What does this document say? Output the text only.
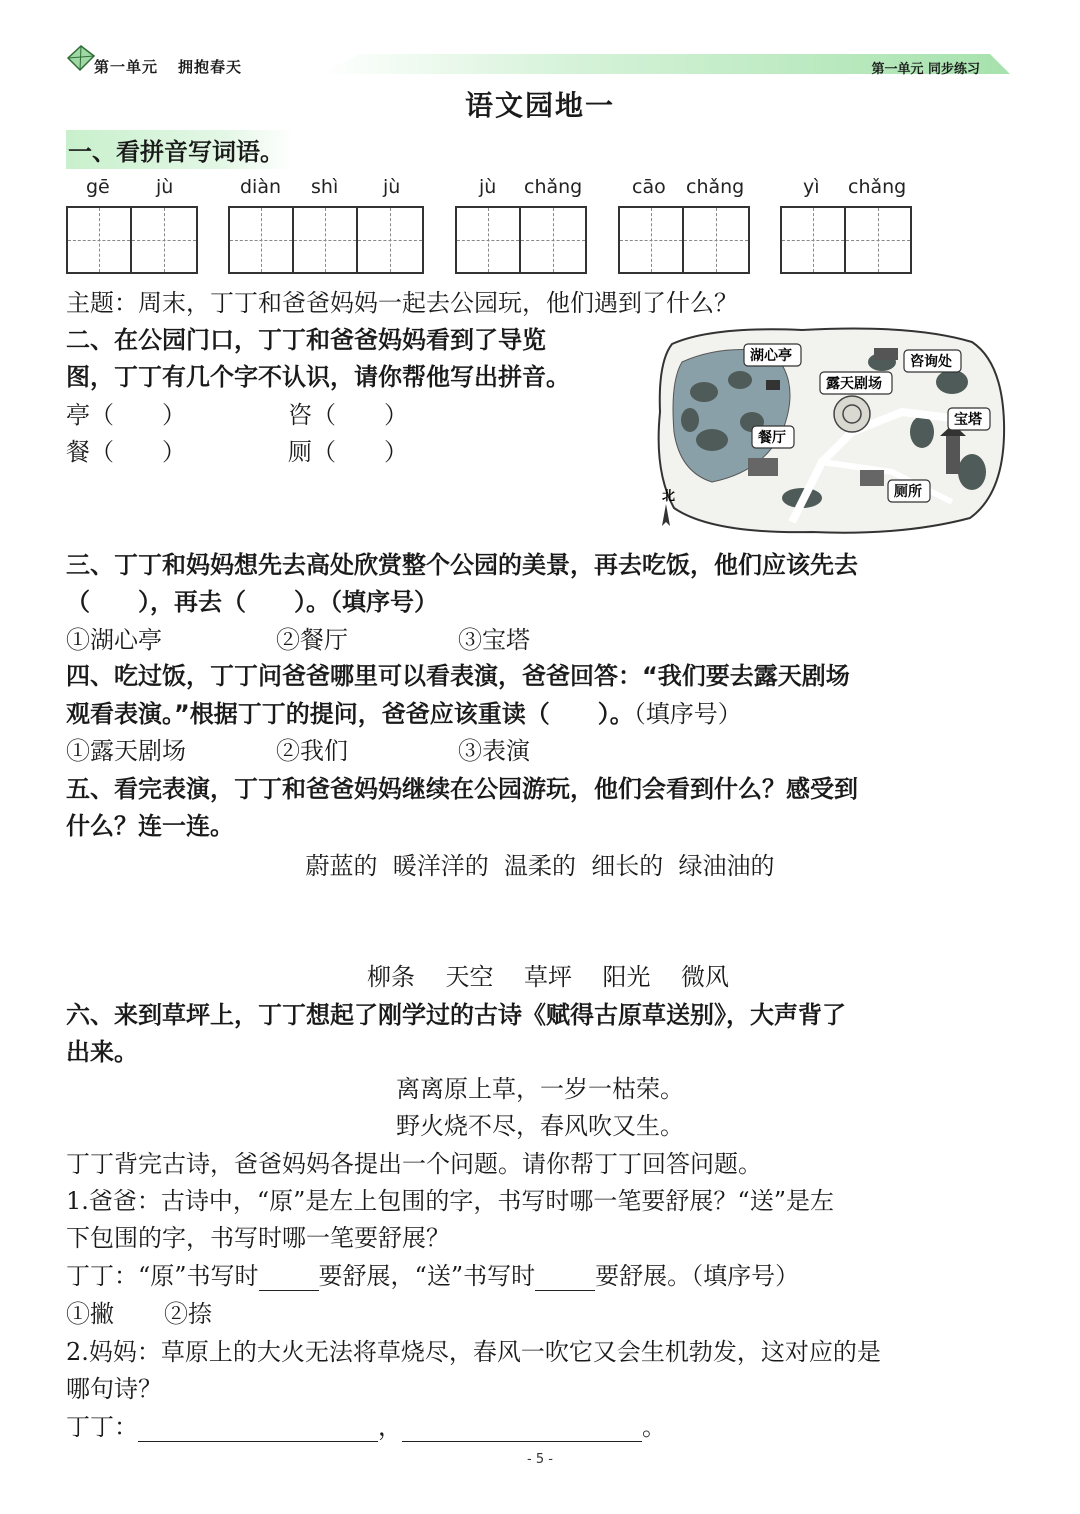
第一单元 拥抱春天	第一单元 同步练习
语文园地一
一、看拼音写词语。
gē jù	diàn shì jù	jù chǎng	cāo chǎng	yì chǎng
主题：周末，丁丁和爸爸妈妈一起去公园玩，他们遇到了什么？
二、在公园门口，丁丁和爸爸妈妈看到了导览
图，丁丁有几个字不认识，请你帮他写出拼音。
亭（　　）	咨（　　）
餐（　　）	厕（　　）
北
湖心亭	咨询处
露天剧场
宝塔
餐厅
厕所
三、丁丁和妈妈想先去高处欣赏整个公园的美景，再去吃饭，他们应该先去
（　　），再去（　　）。（填序号）
①湖心亭	②餐厅	③宝塔
四、吃过饭，丁丁问爸爸哪里可以看表演，爸爸回答：“我们要去露天剧场
观看表演。”根据丁丁的提问，爸爸应该重读（　　）。（填序号）
①露天剧场	②我们	③表演
五、看完表演，丁丁和爸爸妈妈继续在公园游玩，他们会看到什么？感受到
什么？连一连。
蔚蓝的 暖洋洋的 温柔的 细长的 绿油油的
柳条 天空 草坪 阳光 微风
六、来到草坪上，丁丁想起了刚学过的古诗《赋得古原草送别》，大声背了
出来。
离离原上草，一岁一枯荣。
野火烧不尽，春风吹又生。
丁丁背完古诗，爸爸妈妈各提出一个问题。请你帮丁丁回答问题。
1.爸爸：古诗中，“原”是左上包围的字，书写时哪一笔要舒展？“送”是左
下包围的字，书写时哪一笔要舒展？
丁丁：“原”书写时	要舒展，“送”书写时	要舒展。（填序号）
①撇 ②捺
2.妈妈：草原上的大火无法将草烧尽，春风一吹它又会生机勃发，这对应的是
哪句诗？
丁丁：	，	。
- 5 -
